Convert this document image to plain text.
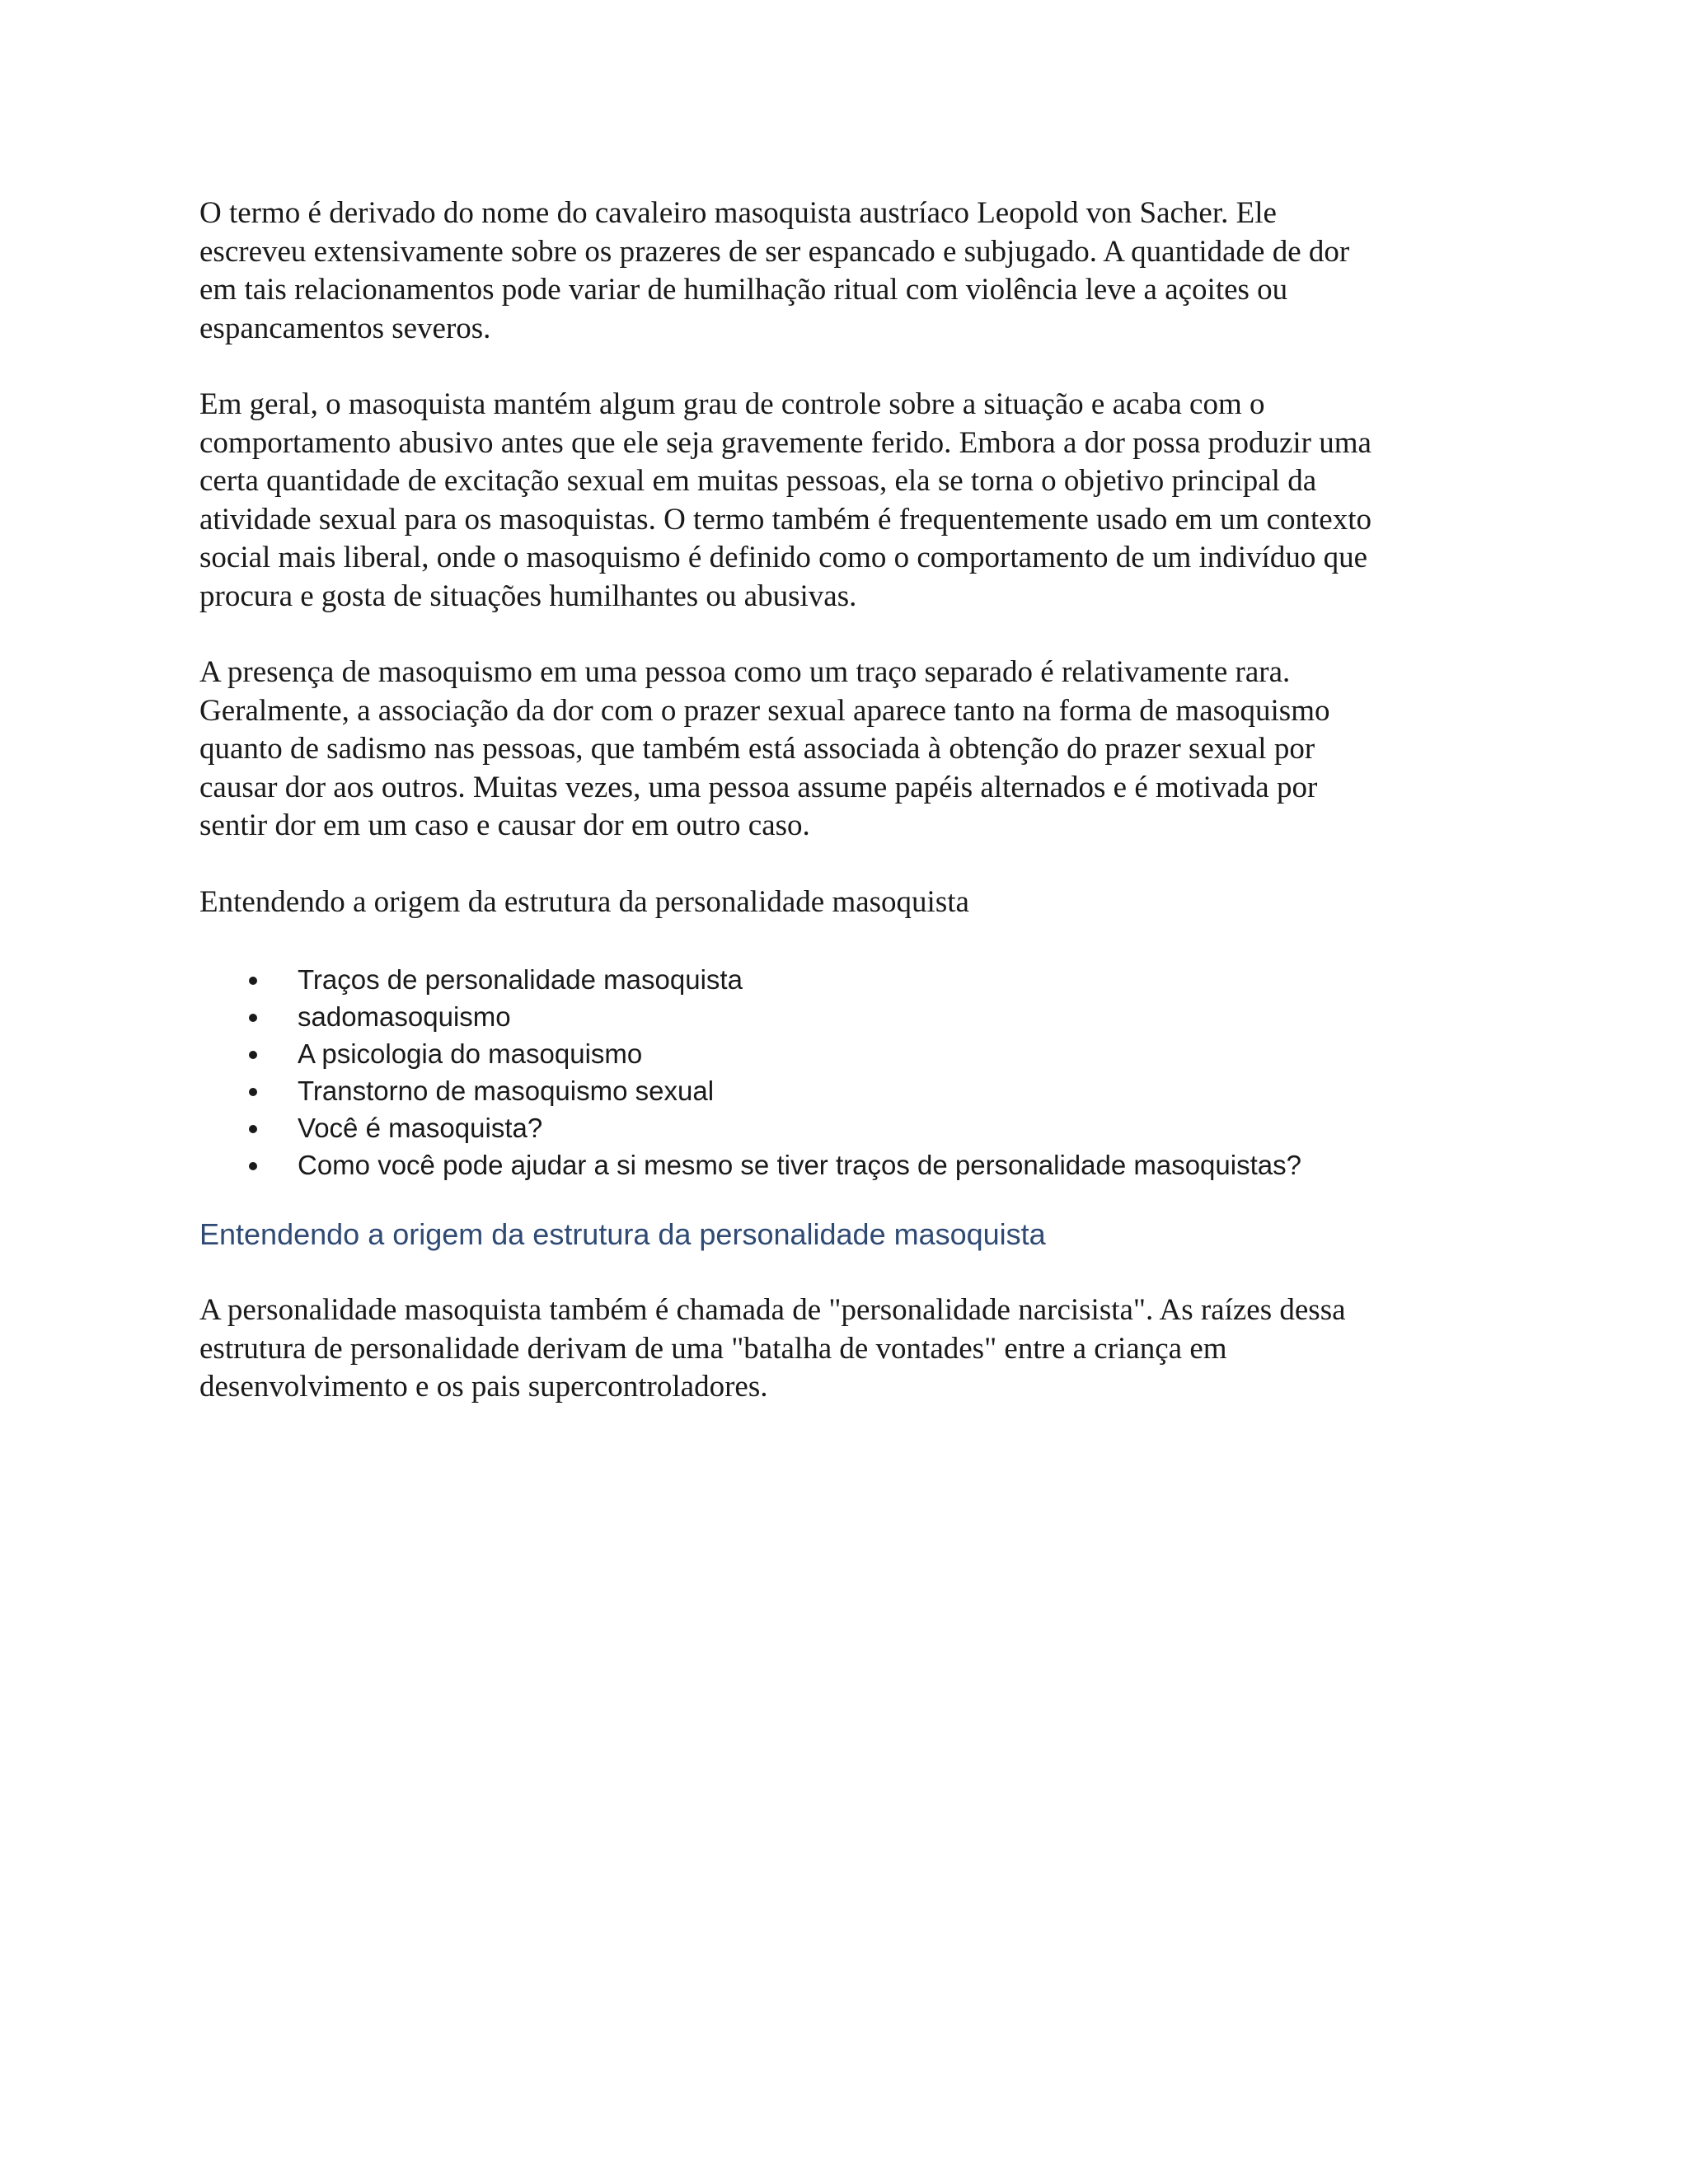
O termo é derivado do nome do cavaleiro masoquista austríaco Leopold von Sacher. Ele
escreveu extensivamente sobre os prazeres de ser espancado e subjugado. A quantidade de dor
em tais relacionamentos pode variar de humilhação ritual com violência leve a açoites ou
espancamentos severos.

Em geral, o masoquista mantém algum grau de controle sobre a situação e acaba com o
comportamento abusivo antes que ele seja gravemente ferido. Embora a dor possa produzir uma
certa quantidade de excitação sexual em muitas pessoas, ela se torna o objetivo principal da
atividade sexual para os masoquistas. O termo também é frequentemente usado em um contexto
social mais liberal, onde o masoquismo é definido como o comportamento de um indivíduo que
procura e gosta de situações humilhantes ou abusivas.

A presença de masoquismo em uma pessoa como um traço separado é relativamente rara.
Geralmente, a associação da dor com o prazer sexual aparece tanto na forma de masoquismo
quanto de sadismo nas pessoas, que também está associada à obtenção do prazer sexual por
causar dor aos outros. Muitas vezes, uma pessoa assume papéis alternados e é motivada por
sentir dor em um caso e causar dor em outro caso.

Entendendo a origem da estrutura da personalidade masoquista

Traços de personalidade masoquista
sadomasoquismo
A psicologia do masoquismo
Transtorno de masoquismo sexual
Você é masoquista?
Como você pode ajudar a si mesmo se tiver traços de personalidade masoquistas?
Entendendo a origem da estrutura da personalidade masoquista

A personalidade masoquista também é chamada de "personalidade narcisista". As raízes dessa
estrutura de personalidade derivam de uma "batalha de vontades" entre a criança em
desenvolvimento e os pais supercontroladores.
